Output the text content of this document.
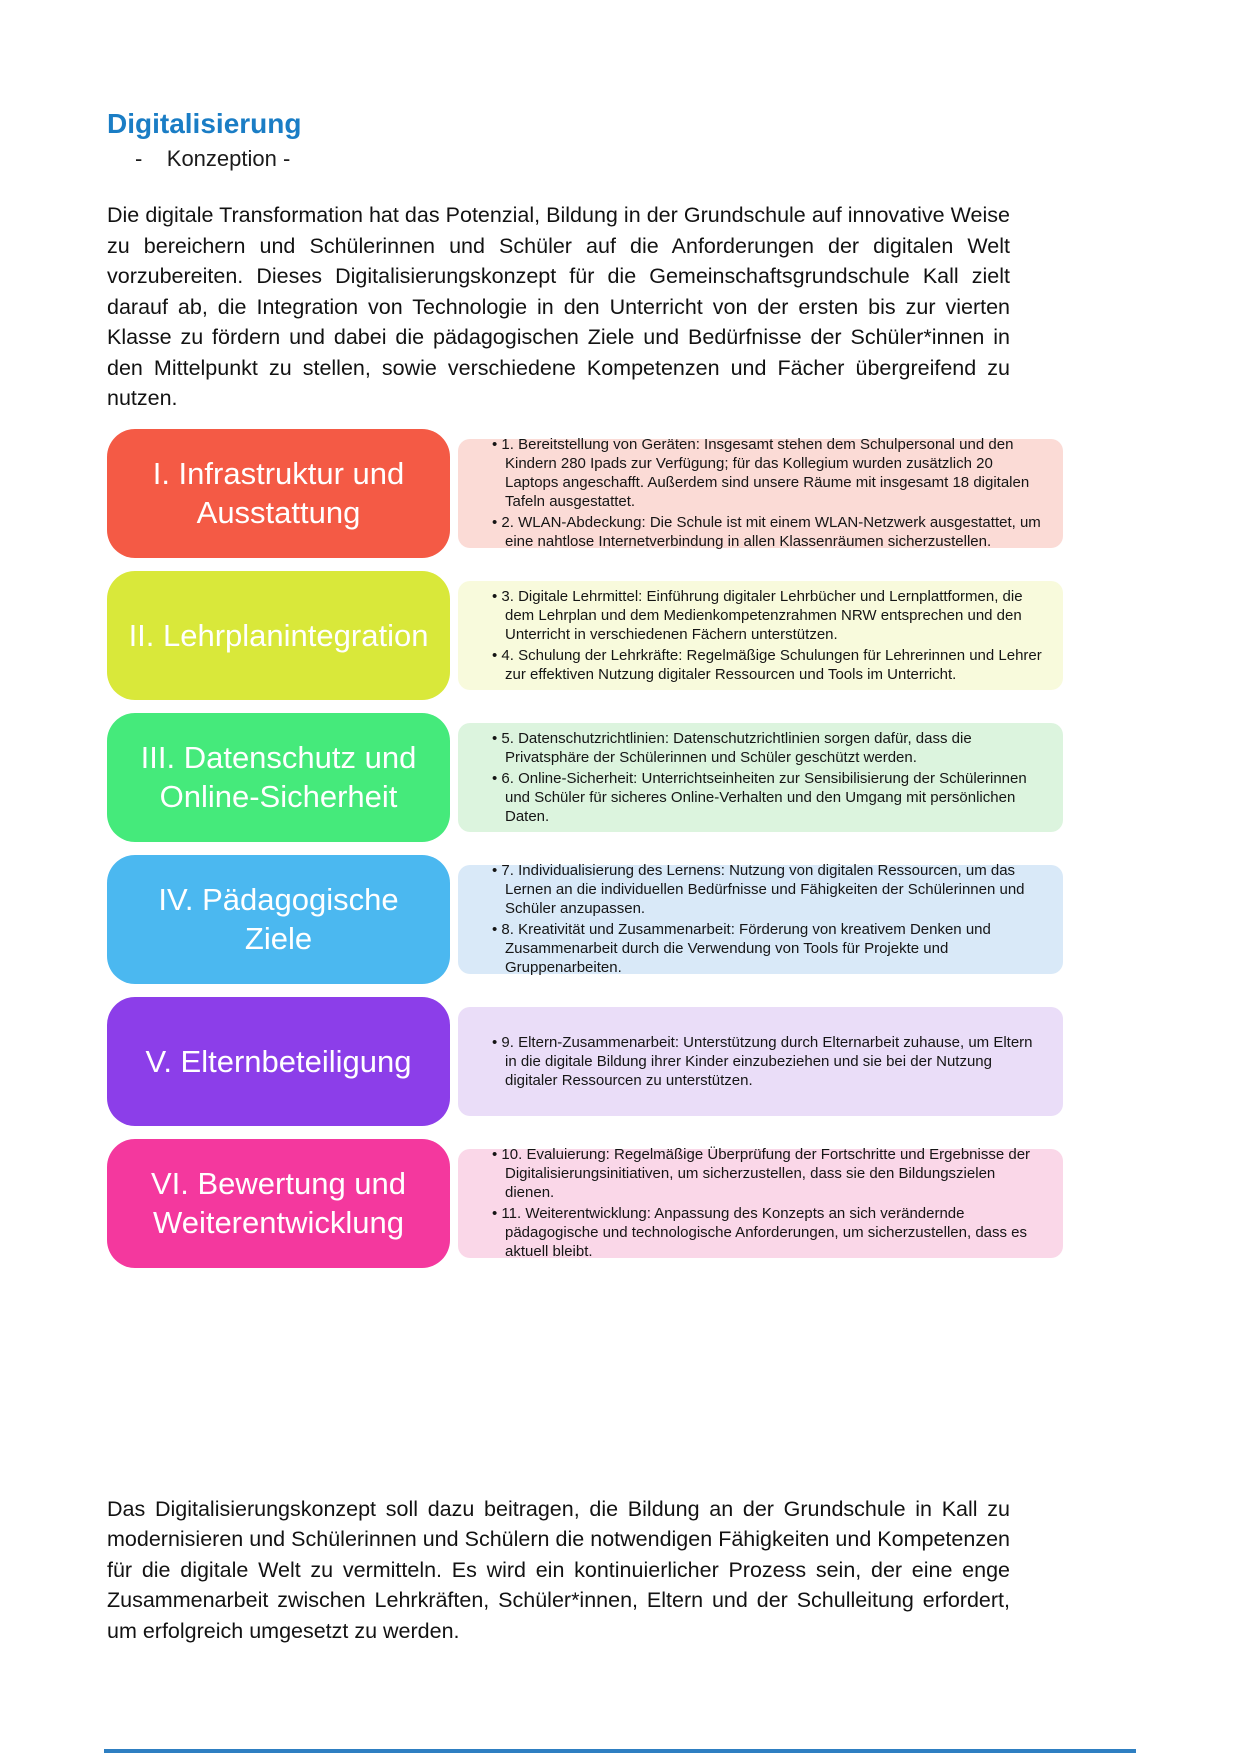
Digitalisierung
-    Konzeption -

Die digitale Transformation hat das Potenzial, Bildung in der Grundschule auf innovative Weise zu bereichern und Schülerinnen und Schüler auf die Anforderungen der digitalen Welt vorzubereiten. Dieses Digitalisierungskonzept für die Gemeinschaftsgrundschule Kall zielt darauf ab, die Integration von Technologie in den Unterricht von der ersten bis zur vierten Klasse zu fördern und dabei die pädagogischen Ziele und Bedürfnisse der Schüler*innen in den Mittelpunkt zu stellen, sowie verschiedene Kompetenzen und Fächer übergreifend zu nutzen.

I. Infrastruktur und Ausstattung
• 1. Bereitstellung von Geräten: Insgesamt stehen dem Schulpersonal und den Kindern 280 Ipads zur Verfügung; für das Kollegium wurden zusätzlich 20 Laptops angeschafft. Außerdem sind unsere Räume mit insgesamt 18 digitalen Tafeln ausgestattet.
• 2. WLAN-Abdeckung: Die Schule ist mit einem WLAN-Netzwerk ausgestattet, um eine nahtlose Internetverbindung in allen Klassenräumen sicherzustellen.
II. Lehrplanintegration
• 3. Digitale Lehrmittel: Einführung digitaler Lehrbücher und Lernplattformen, die dem Lehrplan und dem Medienkompetenzrahmen NRW entsprechen und den Unterricht in verschiedenen Fächern unterstützen.
• 4. Schulung der Lehrkräfte: Regelmäßige Schulungen für Lehrerinnen und Lehrer zur effektiven Nutzung digitaler Ressourcen und Tools im Unterricht.
III. Datenschutz und Online-Sicherheit
• 5. Datenschutzrichtlinien: Datenschutzrichtlinien sorgen dafür, dass die Privatsphäre der Schülerinnen und Schüler geschützt werden.
• 6. Online-Sicherheit: Unterrichtseinheiten zur Sensibilisierung der Schülerinnen und Schüler für sicheres Online-Verhalten und den Umgang mit persönlichen Daten.
IV. Pädagogische Ziele
• 7. Individualisierung des Lernens: Nutzung von digitalen Ressourcen, um das Lernen an die individuellen Bedürfnisse und Fähigkeiten der Schülerinnen und Schüler anzupassen.
• 8. Kreativität und Zusammenarbeit: Förderung von kreativem Denken und Zusammenarbeit durch die Verwendung von Tools für Projekte und Gruppenarbeiten.
V. Elternbeteiligung
• 9. Eltern-Zusammenarbeit: Unterstützung durch Elternarbeit zuhause, um Eltern in die digitale Bildung ihrer Kinder einzubeziehen und sie bei der Nutzung digitaler Ressourcen zu unterstützen.
VI. Bewertung und Weiterentwicklung
• 10. Evaluierung: Regelmäßige Überprüfung der Fortschritte und Ergebnisse der Digitalisierungsinitiativen, um sicherzustellen, dass sie den Bildungszielen dienen.
• 11. Weiterentwicklung: Anpassung des Konzepts an sich verändernde pädagogische und technologische Anforderungen, um sicherzustellen, dass es aktuell bleibt.

Das Digitalisierungskonzept soll dazu beitragen, die Bildung an der Grundschule in Kall zu modernisieren und Schülerinnen und Schülern die notwendigen Fähigkeiten und Kompetenzen für die digitale Welt zu vermitteln. Es wird ein kontinuierlicher Prozess sein, der eine enge Zusammenarbeit zwischen Lehrkräften, Schüler*innen, Eltern und der Schulleitung erfordert, um erfolgreich umgesetzt zu werden.
